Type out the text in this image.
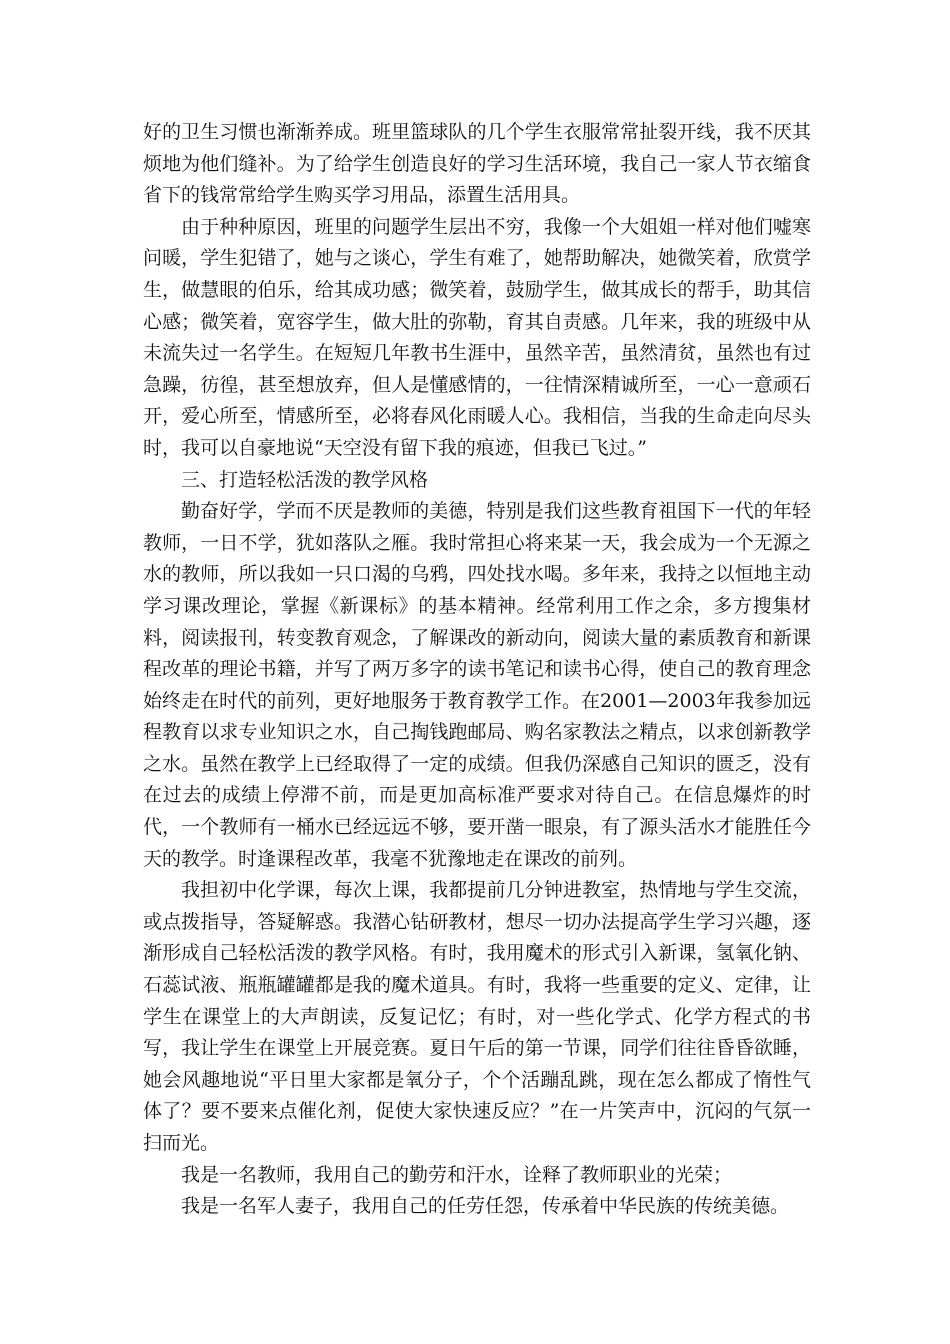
好的卫生习惯也渐渐养成。班里篮球队的几个学生衣服常常扯裂开线，我不厌其烦地为他们缝补。为了给学生创造良好的学习生活环境，我自己一家人节衣缩食省下的钱常常给学生购买学习用品，添置生活用具。

由于种种原因，班里的问题学生层出不穷，我像一个大姐姐一样对他们嘘寒问暖，学生犯错了，她与之谈心，学生有难了，她帮助解决，她微笑着，欣赏学生，做慧眼的伯乐，给其成功感；微笑着，鼓励学生，做其成长的帮手，助其信心感；微笑着，宽容学生，做大肚的弥勒，育其自责感。几年来，我的班级中从未流失过一名学生。在短短几年教书生涯中，虽然辛苦，虽然清贫，虽然也有过急躁，彷徨，甚至想放弃，但人是懂感情的，一往情深精诚所至，一心一意顽石开，爱心所至，情感所至，必将春风化雨暖人心。我相信，当我的生命走向尽头时，我可以自豪地说“天空没有留下我的痕迹，但我已飞过。”

三、打造轻松活泼的教学风格

勤奋好学，学而不厌是教师的美德，特别是我们这些教育祖国下一代的年轻教师，一日不学，犹如落队之雁。我时常担心将来某一天，我会成为一个无源之水的教师，所以我如一只口渴的乌鸦，四处找水喝。多年来，我持之以恒地主动学习课改理论，掌握《新课标》的基本精神。经常利用工作之余，多方搜集材料，阅读报刊，转变教育观念，了解课改的新动向，阅读大量的素质教育和新课程改革的理论书籍，并写了两万多字的读书笔记和读书心得，使自己的教育理念始终走在时代的前列，更好地服务于教育教学工作。在2001—2003年我参加远程教育以求专业知识之水，自己掏钱跑邮局、购名家教法之精点，以求创新教学之水。虽然在教学上已经取得了一定的成绩。但我仍深感自己知识的匮乏，没有在过去的成绩上停滞不前，而是更加高标准严要求对待自己。在信息爆炸的时代，一个教师有一桶水已经远远不够，要开凿一眼泉，有了源头活水才能胜任今天的教学。时逢课程改革，我毫不犹豫地走在课改的前列。

我担初中化学课，每次上课，我都提前几分钟进教室，热情地与学生交流，或点拨指导，答疑解惑。我潜心钻研教材，想尽一切办法提高学生学习兴趣，逐渐形成自己轻松活泼的教学风格。有时，我用魔术的形式引入新课，氢氧化钠、石蕊试液、瓶瓶罐罐都是我的魔术道具。有时，我将一些重要的定义、定律，让学生在课堂上的大声朗读，反复记忆；有时，对一些化学式、化学方程式的书写，我让学生在课堂上开展竞赛。夏日午后的第一节课，同学们往往昏昏欲睡，她会风趣地说“平日里大家都是氧分子，个个活蹦乱跳，现在怎么都成了惰性气体了？要不要来点催化剂，促使大家快速反应？”在一片笑声中，沉闷的气氛一扫而光。

我是一名教师，我用自己的勤劳和汗水，诠释了教师职业的光荣；

我是一名军人妻子，我用自己的任劳任怨，传承着中华民族的传统美德。
